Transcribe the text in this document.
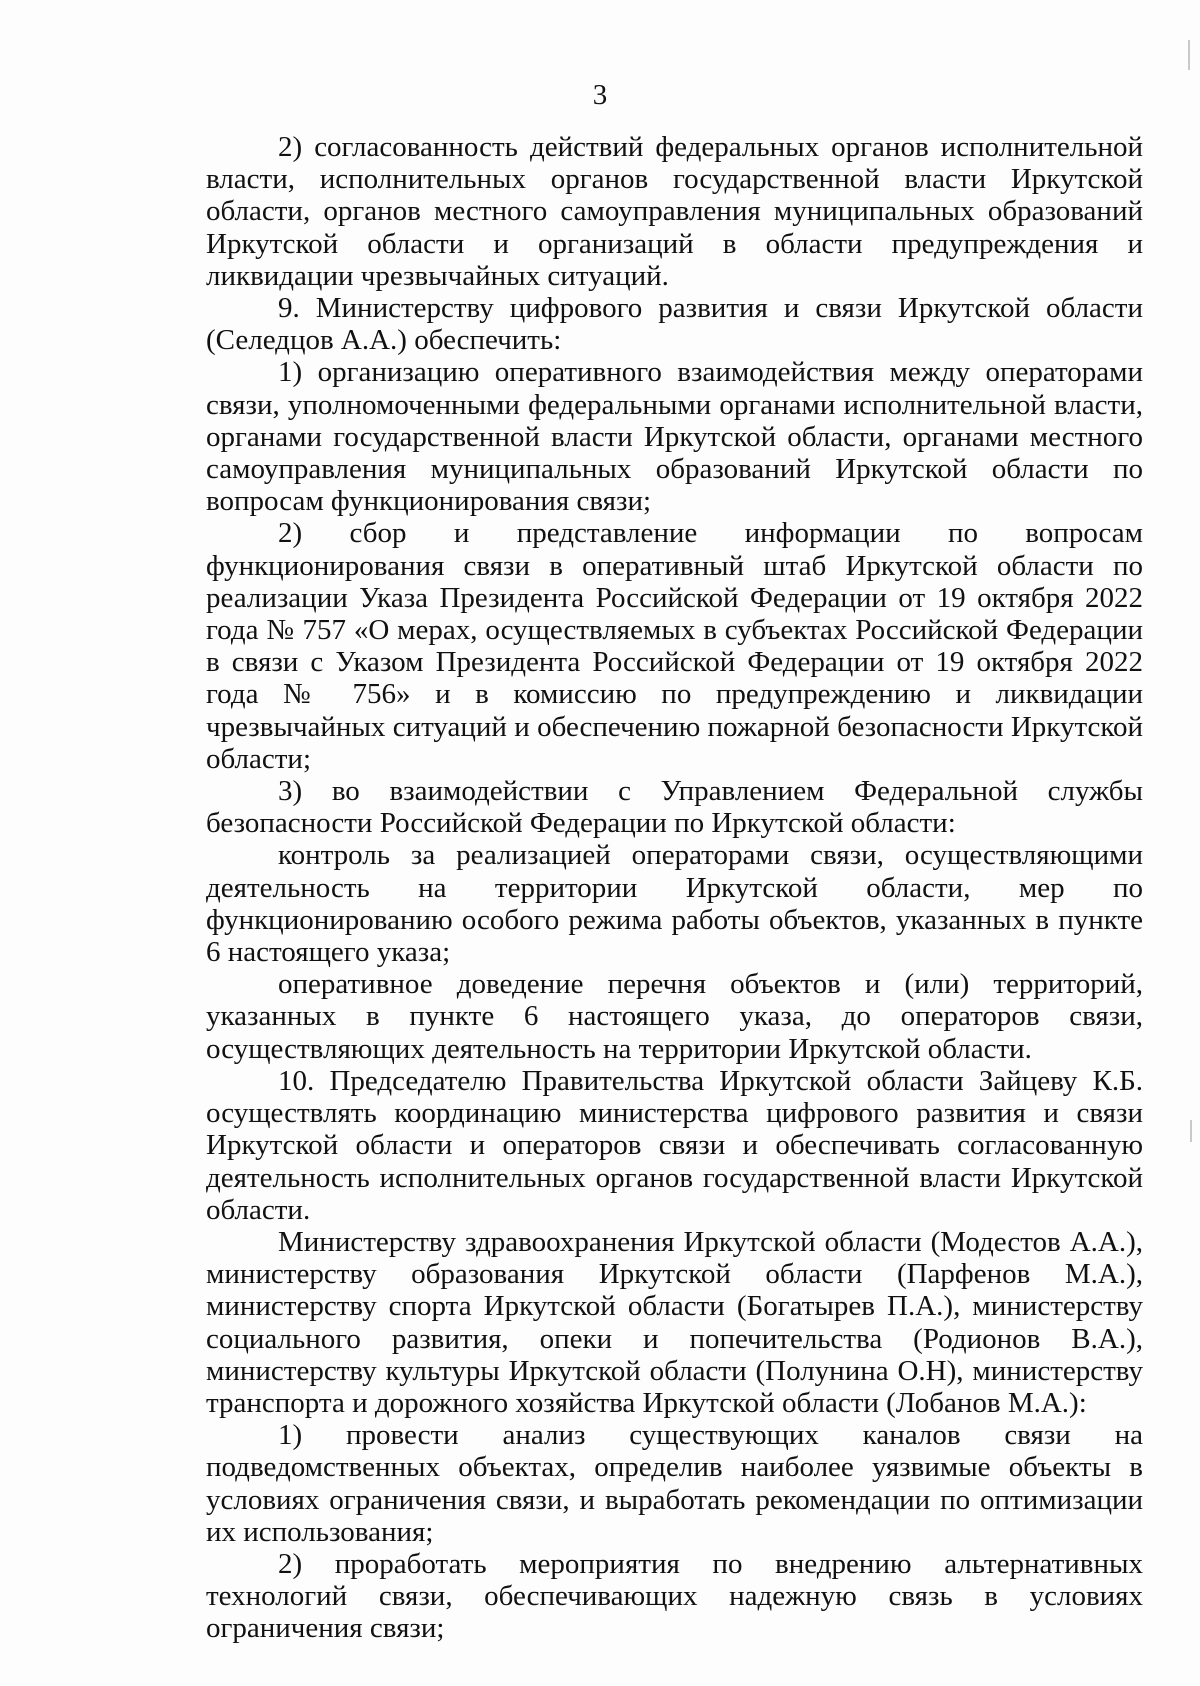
3

2) согласованность действий федеральных органов исполнительной власти, исполнительных органов государственной власти Иркутской области, органов местного самоуправления муниципальных образований Иркутской области и организаций в области предупреждения и ликвидации чрезвычайных ситуаций.

9. Министерству цифрового развития и связи Иркутской области (Селедцов А.А.) обеспечить:

1) организацию оперативного взаимодействия между операторами связи, уполномоченными федеральными органами исполнительной власти, органами государственной власти Иркутской области, органами местного самоуправления муниципальных образований Иркутской области по вопросам функционирования связи;

2) сбор и представление информации по вопросам функционирования связи в оперативный штаб Иркутской области по реализации Указа Президента Российской Федерации от 19 октября 2022 года № 757 «О мерах, осуществляемых в субъектах Российской Федерации в связи с Указом Президента Российской Федерации от 19 октября 2022 года № 756» и в комиссию по предупреждению и ликвидации чрезвычайных ситуаций и обеспечению пожарной безопасности Иркутской области;

3) во взаимодействии с Управлением Федеральной службы безопасности Российской Федерации по Иркутской области:

контроль за реализацией операторами связи, осуществляющими деятельность на территории Иркутской области, мер по функционированию особого режима работы объектов, указанных в пункте 6 настоящего указа;

оперативное доведение перечня объектов и (или) территорий, указанных в пункте 6 настоящего указа, до операторов связи, осуществляющих деятельность на территории Иркутской области.

10. Председателю Правительства Иркутской области Зайцеву К.Б. осуществлять координацию министерства цифрового развития и связи Иркутской области и операторов связи и обеспечивать согласованную деятельность исполнительных органов государственной власти Иркутской области.

Министерству здравоохранения Иркутской области (Модестов А.А.), министерству образования Иркутской области (Парфенов М.А.), министерству спорта Иркутской области (Богатырев П.А.), министерству социального развития, опеки и попечительства (Родионов В.А.), министерству культуры Иркутской области (Полунина О.Н), министерству транспорта и дорожного хозяйства Иркутской области (Лобанов М.А.):

1) провести анализ существующих каналов связи на подведомственных объектах, определив наиболее уязвимые объекты в условиях ограничения связи, и выработать рекомендации по оптимизации их использования;

2) проработать мероприятия по внедрению альтернативных технологий связи, обеспечивающих надежную связь в условиях ограничения связи;
